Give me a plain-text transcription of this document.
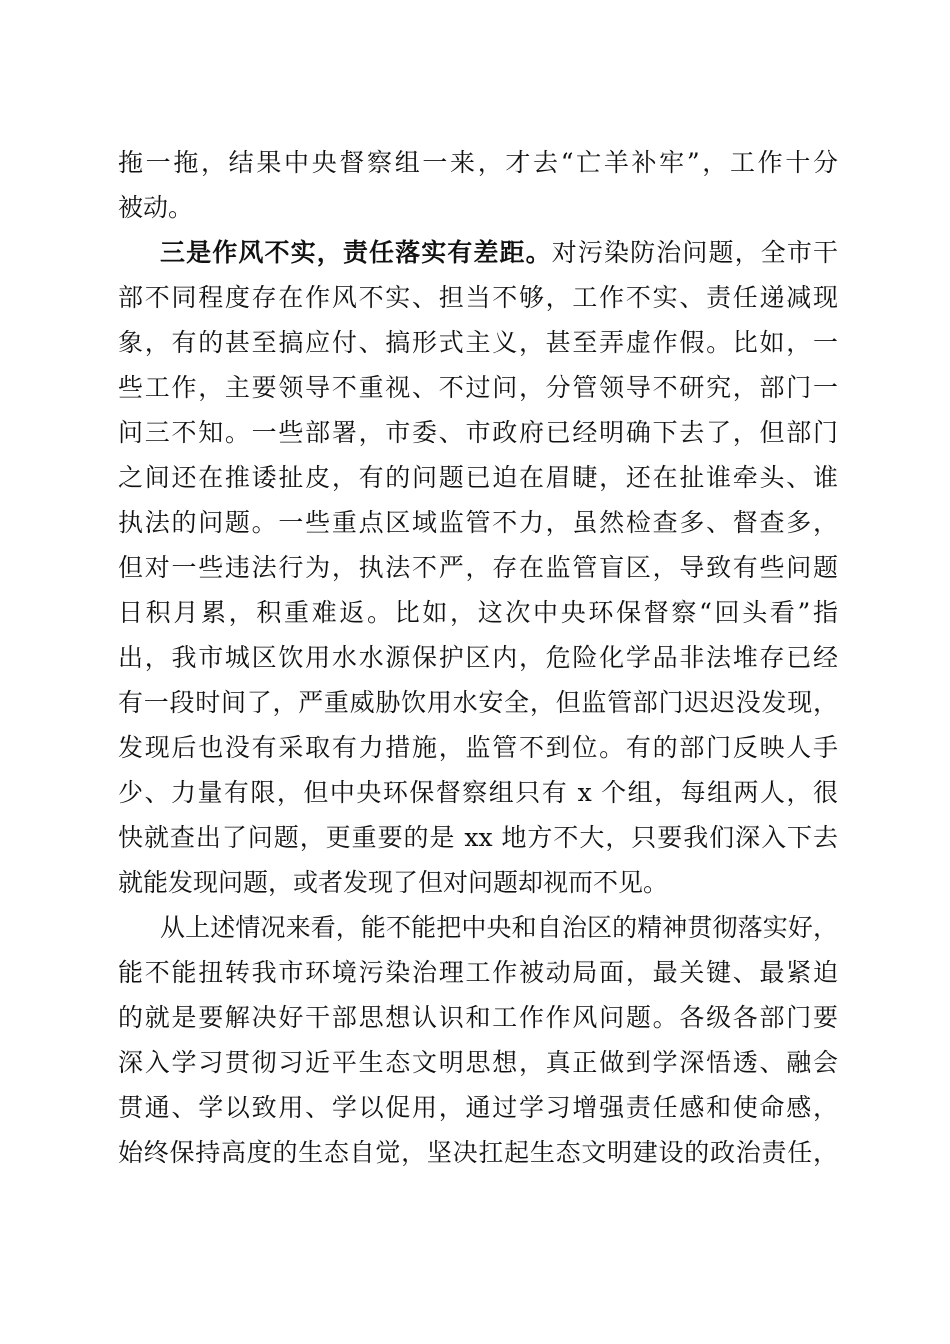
拖一拖，结果中央督察组一来，才去“亡羊补牢”，工作十分
被动。
三是作风不实，责任落实有差距。对污染防治问题，全市干
部不同程度存在作风不实、担当不够，工作不实、责任递减现
象，有的甚至搞应付、搞形式主义，甚至弄虚作假。比如，一
些工作，主要领导不重视、不过问，分管领导不研究，部门一
问三不知。一些部署，市委、市政府已经明确下去了，但部门
之间还在推诿扯皮，有的问题已迫在眉睫，还在扯谁牵头、谁
执法的问题。一些重点区域监管不力，虽然检查多、督查多，
但对一些违法行为，执法不严，存在监管盲区，导致有些问题
日积月累，积重难返。比如，这次中央环保督察“回头看”指
出，我市城区饮用水水源保护区内，危险化学品非法堆存已经
有一段时间了，严重威胁饮用水安全，但监管部门迟迟没发现，
发现后也没有采取有力措施，监管不到位。有的部门反映人手
少、力量有限，但中央环保督察组只有 x 个组，每组两人，很
快就查出了问题，更重要的是 xx 地方不大，只要我们深入下去
就能发现问题，或者发现了但对问题却视而不见。
从上述情况来看，能不能把中央和自治区的精神贯彻落实好，
能不能扭转我市环境污染治理工作被动局面，最关键、最紧迫
的就是要解决好干部思想认识和工作作风问题。各级各部门要
深入学习贯彻习近平生态文明思想，真正做到学深悟透、融会
贯通、学以致用、学以促用，通过学习增强责任感和使命感，
始终保持高度的生态自觉，坚决扛起生态文明建设的政治责任，
